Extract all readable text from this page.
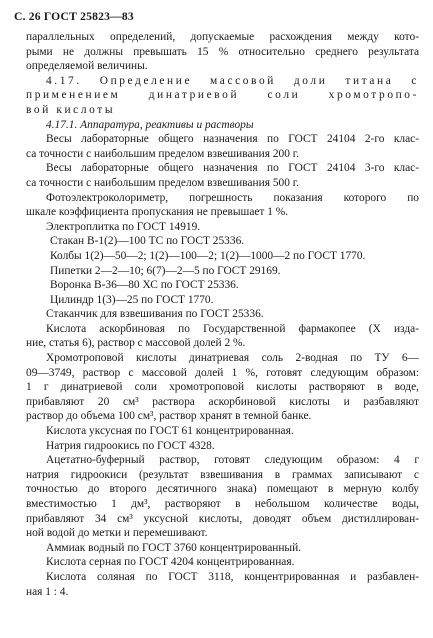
С. 26 ГОСТ 25823—83
параллельных определений, допускаемые расхождения между кото-
рыми не должны превышать 15 % относительно среднего результата
определяемой величины.
4.17. Определение массовой доли титана с
применением динатриевой соли хромотропо-
вой кислоты
4.17.1. Аппаратура, реактивы и растворы
Весы лабораторные общего назначения по ГОСТ 24104 2-го клас-
са точности с наибольшим пределом взвешивания 200 г.
Весы лабораторные общего назначения по ГОСТ 24104 3-го клас-
са точности с наибольшим пределом взвешивания 500 г.
Фотоэлектроколориметр, погрешность показания которого по
шкале коэффициента пропускания не превышает 1 %.
Электроплитка по ГОСТ 14919.
Стакан В-1(2)—100 ТС по ГОСТ 25336.
Колбы 1(2)—50—2; 1(2)—100—2; 1(2)—1000—2 по ГОСТ 1770.
Пипетки 2—2—10; 6(7)—2—5 по ГОСТ 29169.
Воронка В-36—80 ХС по ГОСТ 25336.
Цилиндр 1(3)—25 по ГОСТ 1770.
Стаканчик для взвешивания по ГОСТ 25336.
Кислота аскорбиновая по Государственной фармакопее (Х изда-
ние, статья 6), раствор с массовой долей 2 %.
Хромотроповой кислоты динатриевая соль 2-водная по ТУ 6—
09—3749, раствор с массовой долей 1 %, готовят следующим образом:
1 г динатриевой соли хромотроповой кислоты растворяют в воде,
прибавляют 20 см³ раствора аскорбиновой кислоты и разбавляют
раствор до объема 100 см³, раствор хранят в темной банке.
Кислота уксусная по ГОСТ 61 концентрированная.
Натрия гидроокись по ГОСТ 4328.
Ацетатно-буферный раствор, готовят следующим образом: 4 г
натрия гидроокиси (результат взвешивания в граммах записывают с
точностью до второго десятичного знака) помещают в мерную колбу
вместимостью 1 дм³, растворяют в небольшом количестве воды,
прибавляют 34 см³ уксусной кислоты, доводят объем дистиллирован-
ной водой до метки и перемешивают.
Аммиак водный по ГОСТ 3760 концентрированный.
Кислота серная по ГОСТ 4204 концентрированная.
Кислота соляная по ГОСТ 3118, концентрированная и разбавлен-
ная 1 : 4.
